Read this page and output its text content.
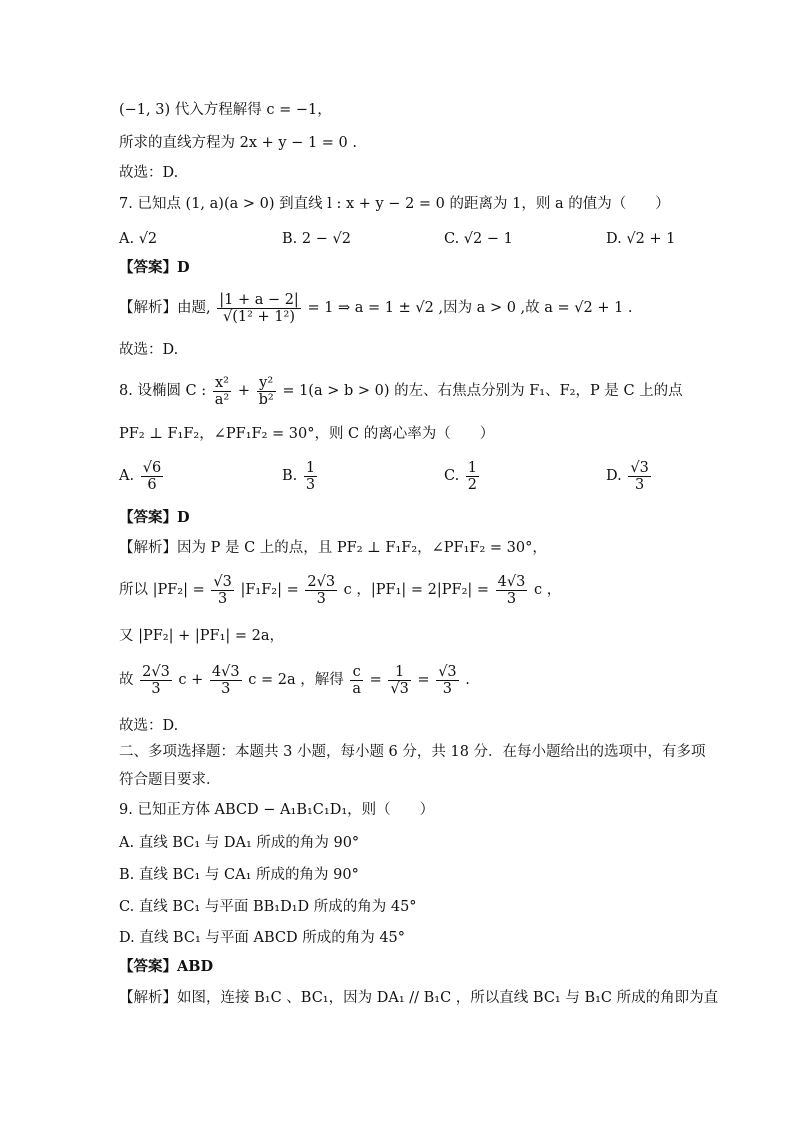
(−1, 3) 代入方程解得 c = −1，
所求的直线方程为 2x + y − 1 = 0 .
故选：D.
7. 已知点 (1, a)(a > 0) 到直线 l : x + y − 2 = 0 的距离为 1，则 a 的值为（　　）
A. √2	B. 2 − √2	C. √2 − 1	D. √2 + 1
【答案】D
【解析】由题, $\frac{|1 + a - 2|}{\text{√(1² + 1²)}} = 1$ ⇒ a = 1 ± √2 ,因为 a > 0 ,故 a = √2 + 1 .
故选：D.
8. 设椭圆 C : $\frac{\text{x²}}{\text{a²}} + \frac{\text{y²}}{\text{b²}} = 1(a > b > 0)$ 的左、右焦点分别为 F₁、F₂，P 是 C 上的点
PF₂ ⊥ F₁F₂，∠PF₁F₂ = 30°，则 C 的离心率为（　　）
A. $\frac{√6}{6}$	B. $\frac{1}{3}$	C. $\frac{1}{2}$	D. $\frac{√3}{3}$
【答案】D
【解析】因为 P 是 C 上的点，且 PF₂ ⊥ F₁F₂，∠PF₁F₂ = 30°，
所以 $|PF_2| = \frac{√3}{3} |F_1F_2| = \frac{2√3}{3}$ c ，$|PF_1| = 2|PF_2| = \frac{4√3}{3}$ c ，
又 |PF₂| + |PF₁| = 2a，
故 $\frac{2√3}{3}$ $c + \frac{4√3}{3}$ c = 2a ，解得 $\frac{c}{a} = \frac{1}{√3} = \frac{√3}{3}$ .
故选：D.
二、多项选择题：本题共 3 小题，每小题 6 分，共 18 分．在每小题给出的选项中，有多项
符合题目要求．
9. 已知正方体 ABCD − A₁B₁C₁D₁，则（　　）
A. 直线 BC₁ 与 DA₁ 所成的角为 90°
B. 直线 BC₁ 与 CA₁ 所成的角为 90°
C. 直线 BC₁ 与平面 BB₁D₁D 所成的角为 45°
D. 直线 BC₁ 与平面 ABCD 所成的角为 45°
【答案】ABD
【解析】如图，连接 B₁C 、BC₁，因为 DA₁ // B₁C ，所以直线 BC₁ 与 B₁C 所成的角即为直
